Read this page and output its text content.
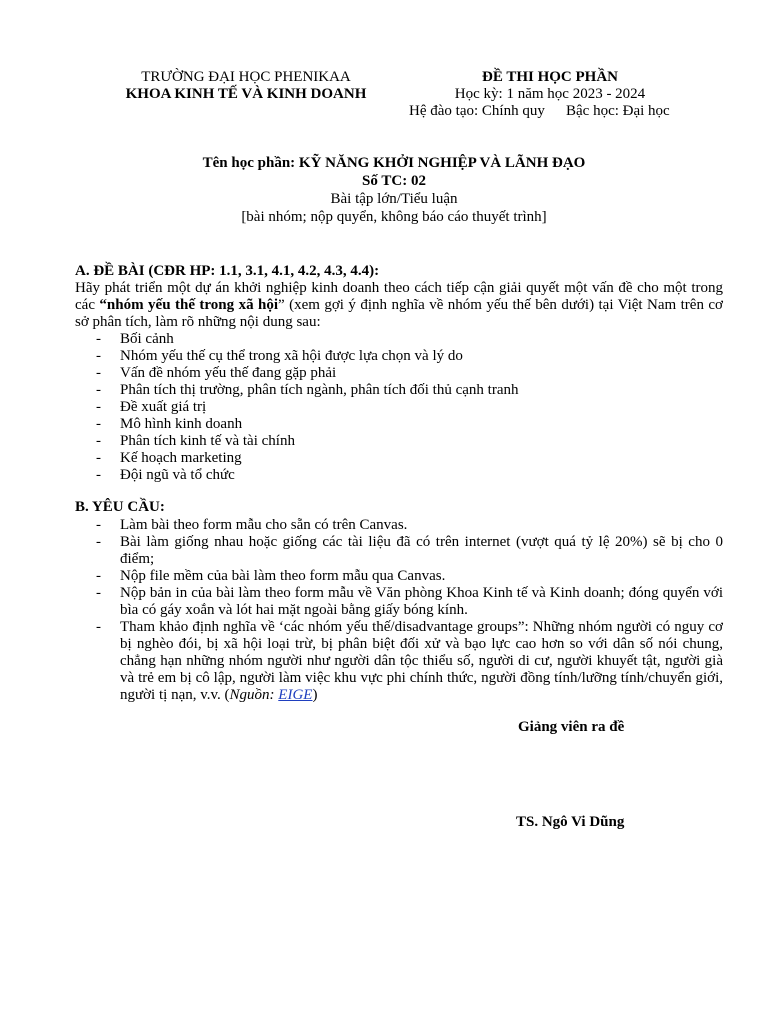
TRƯỜNG ĐẠI HỌC PHENIKAA
KHOA KINH TẾ VÀ KINH DOANH
ĐỀ THI HỌC PHẦN
Học kỳ: 1 năm học 2023 - 2024
Hệ đào tạo: Chính quy Bậc học: Đại học
Tên học phần: KỸ NĂNG KHỞI NGHIỆP VÀ LÃNH ĐẠO
Số TC: 02
Bài tập lớn/Tiểu luận
[bài nhóm; nộp quyển, không báo cáo thuyết trình]
A. ĐỀ BÀI (CĐR HP: 1.1, 3.1, 4.1, 4.2, 4.3, 4.4):
Hãy phát triển một dự án khởi nghiệp kinh doanh theo cách tiếp cận giải quyết một vấn đề cho một trong các “nhóm yếu thế trong xã hội” (xem gợi ý định nghĩa về nhóm yếu thế bên dưới) tại Việt Nam trên cơ sở phân tích, làm rõ những nội dung sau:
- Bối cảnh
- Nhóm yếu thế cụ thể trong xã hội được lựa chọn và lý do
- Vấn đề nhóm yếu thế đang gặp phải
- Phân tích thị trường, phân tích ngành, phân tích đối thủ cạnh tranh
- Đề xuất giá trị
- Mô hình kinh doanh
- Phân tích kinh tế và tài chính
- Kế hoạch marketing
- Đội ngũ và tổ chức
B. YÊU CẦU:
- Làm bài theo form mẫu cho sẵn có trên Canvas.
- Bài làm giống nhau hoặc giống các tài liệu đã có trên internet (vượt quá tỷ lệ 20%) sẽ bị cho 0 điểm;
- Nộp file mềm của bài làm theo form mẫu qua Canvas.
- Nộp bản in của bài làm theo form mẫu về Văn phòng Khoa Kinh tế và Kinh doanh; đóng quyển với bìa có gáy xoắn và lót hai mặt ngoài bằng giấy bóng kính.
- Tham khảo định nghĩa về ‘các nhóm yếu thế/disadvantage groups”: Những nhóm người có nguy cơ bị nghèo đói, bị xã hội loại trừ, bị phân biệt đối xử và bạo lực cao hơn so với dân số nói chung, chẳng hạn những nhóm người như người dân tộc thiểu số, người di cư, người khuyết tật, người già và trẻ em bị cô lập, người làm việc khu vực phi chính thức, người đồng tính/lưỡng tính/chuyển giới, người tị nạn, v.v. (Nguồn: EIGE)
Giảng viên ra đề
TS. Ngô Vi Dũng
